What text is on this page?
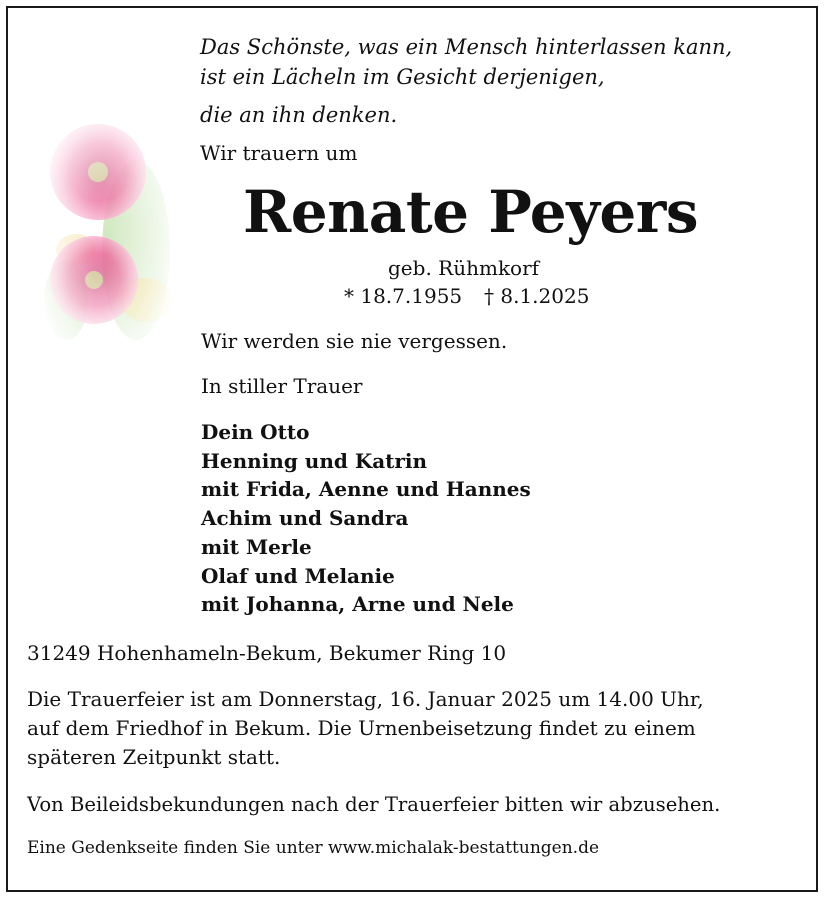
Das Schönste, was ein Mensch hinterlassen kann,
ist ein Lächeln im Gesicht derjenigen,
die an ihn denken.
Wir trauern um
Renate Peyers
geb. Rühmkorf
* 18.7.1955 † 8.1.2025
Wir werden sie nie vergessen.
In stiller Trauer
Dein Otto
Henning und Katrin
mit Frida, Aenne und Hannes
Achim und Sandra
mit Merle
Olaf und Melanie
mit Johanna, Arne und Nele
31249 Hohenhameln-Bekum, Bekumer Ring 10
Die Trauerfeier ist am Donnerstag, 16. Januar 2025 um 14.00 Uhr,
auf dem Friedhof in Bekum. Die Urnenbeisetzung findet zu einem
späteren Zeitpunkt statt.
Von Beileidsbekundungen nach der Trauerfeier bitten wir abzusehen.
Eine Gedenkseite finden Sie unter www.michalak-bestattungen.de
